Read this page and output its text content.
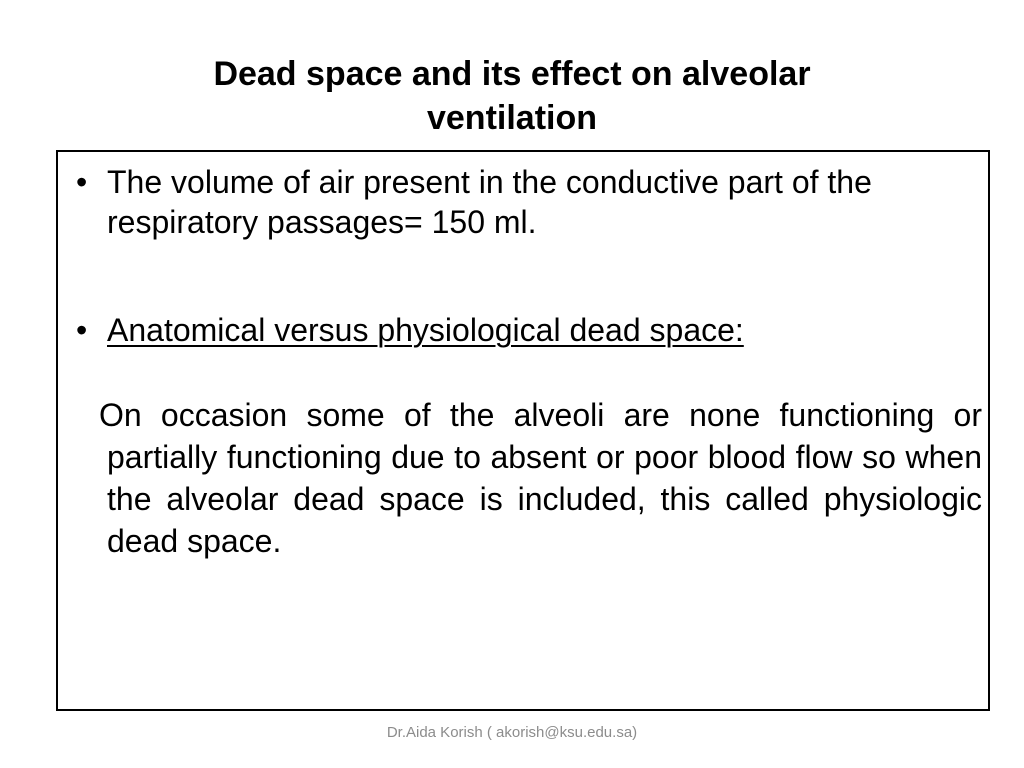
Dead space and its effect on alveolar ventilation
• The volume of air present in the conductive part of the respiratory passages= 150 ml.
• Anatomical versus physiological dead space:

On occasion some of the alveoli are none functioning or partially functioning due to absent or poor blood flow so when the alveolar dead space is included, this called physiologic dead space.

Dr.Aida Korish ( akorish@ksu.edu.sa)
